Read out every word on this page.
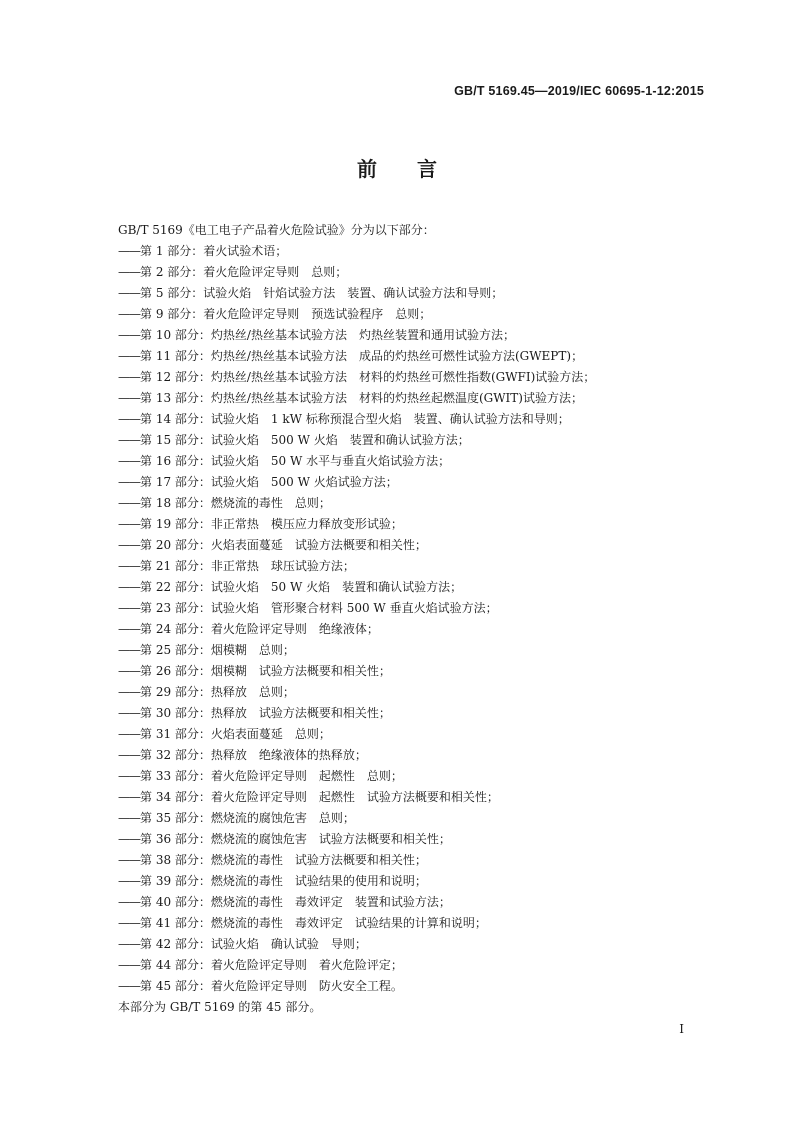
GB/T 5169.45—2019/IEC 60695-1-12:2015
前 言

GB/T 5169《电工电子产品着火危险试验》分为以下部分：

——第 1 部分：着火试验术语；
——第 2 部分：着火危险评定导则　总则；
——第 5 部分：试验火焰　针焰试验方法　装置、确认试验方法和导则；
——第 9 部分：着火危险评定导则　预选试验程序　总则；
——第 10 部分：灼热丝/热丝基本试验方法　灼热丝装置和通用试验方法；
——第 11 部分：灼热丝/热丝基本试验方法　成品的灼热丝可燃性试验方法(GWEPT)；
——第 12 部分：灼热丝/热丝基本试验方法　材料的灼热丝可燃性指数(GWFI)试验方法；
——第 13 部分：灼热丝/热丝基本试验方法　材料的灼热丝起燃温度(GWIT)试验方法；
——第 14 部分：试验火焰　1 kW 标称预混合型火焰　装置、确认试验方法和导则；
——第 15 部分：试验火焰　500 W 火焰　装置和确认试验方法；
——第 16 部分：试验火焰　50 W 水平与垂直火焰试验方法；
——第 17 部分：试验火焰　500 W 火焰试验方法；
——第 18 部分：燃烧流的毒性　总则；
——第 19 部分：非正常热　模压应力释放变形试验；
——第 20 部分：火焰表面蔓延　试验方法概要和相关性；
——第 21 部分：非正常热　球压试验方法；
——第 22 部分：试验火焰　50 W 火焰　装置和确认试验方法；
——第 23 部分：试验火焰　管形聚合材料 500 W 垂直火焰试验方法；
——第 24 部分：着火危险评定导则　绝缘液体；
——第 25 部分：烟模糊　总则；
——第 26 部分：烟模糊　试验方法概要和相关性；
——第 29 部分：热释放　总则；
——第 30 部分：热释放　试验方法概要和相关性；
——第 31 部分：火焰表面蔓延　总则；
——第 32 部分：热释放　绝缘液体的热释放；
——第 33 部分：着火危险评定导则　起燃性　总则；
——第 34 部分：着火危险评定导则　起燃性　试验方法概要和相关性；
——第 35 部分：燃烧流的腐蚀危害　总则；
——第 36 部分：燃烧流的腐蚀危害　试验方法概要和相关性；
——第 38 部分：燃烧流的毒性　试验方法概要和相关性；
——第 39 部分：燃烧流的毒性　试验结果的使用和说明；
——第 40 部分：燃烧流的毒性　毒效评定　装置和试验方法；
——第 41 部分：燃烧流的毒性　毒效评定　试验结果的计算和说明；
——第 42 部分：试验火焰　确认试验　导则；
——第 44 部分：着火危险评定导则　着火危险评定；
——第 45 部分：着火危险评定导则　防火安全工程。

本部分为 GB/T 5169 的第 45 部分。

I
